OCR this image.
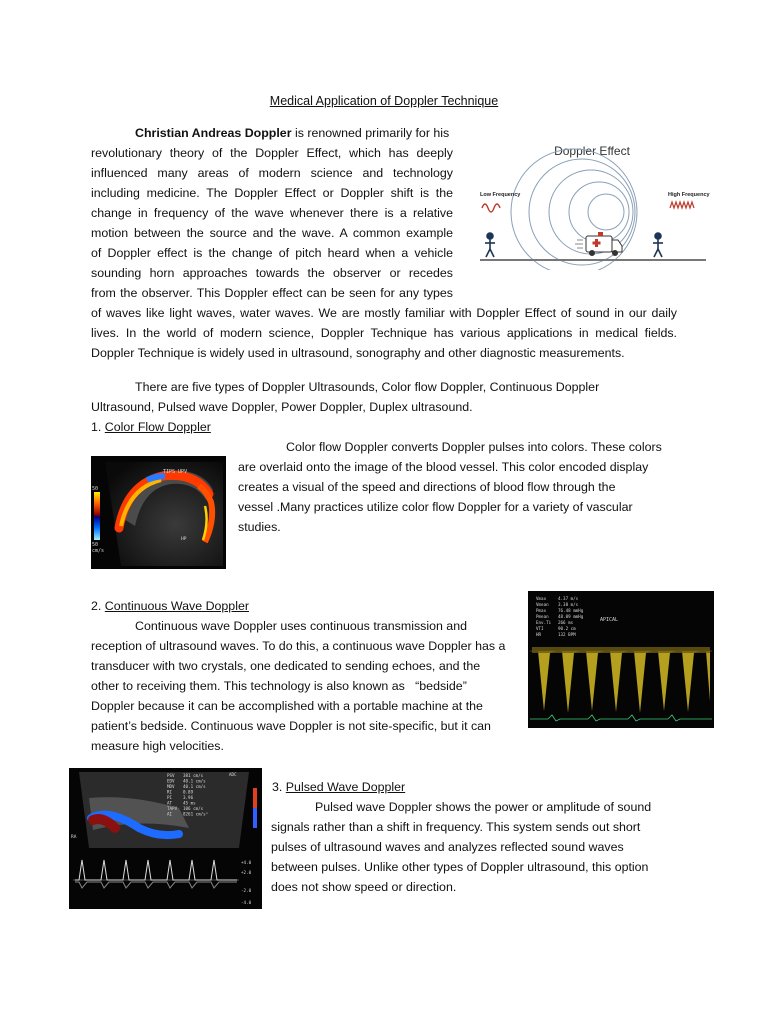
Medical Application of Doppler Technique

Christian Andreas Doppler is renowned primarily for his

revolutionary theory of the Doppler Effect, which has deeply

influenced many areas of modern science and technology

including medicine. The Doppler Effect or Doppler shift is the

change in frequency of the wave whenever there is a relative

motion between the source and the wave. A common example

of Doppler effect is the change of pitch heard when a vehicle

sounding horn approaches towards the observer or recedes

from the observer. This Doppler effect can be seen for any types

of waves like light waves, water waves. We are mostly familiar with Doppler Effect of sound in our daily

lives. In the world of modern science, Doppler Technique has various applications in medical fields.

Doppler Technique is widely used in ultrasound, sonography and other diagnostic measurements.

Doppler Effect
Low Frequency	High Frequency

There are five types of Doppler Ultrasounds, Color flow Doppler, Continuous Doppler

Ultrasound, Pulsed wave Doppler, Power Doppler, Duplex ultrasound.

1. Color Flow Doppler

50
50
cm/s
TIPS UPV
HP

Color flow Doppler converts Doppler pulses into colors. These colors

are overlaid onto the image of the blood vessel. This color encoded display

creates a visual of the speed and directions of blood flow through the

vessel .Many practices utilize color flow Doppler for a variety of vascular

studies.

2. Continuous Wave Doppler

Continuous wave Doppler uses continuous transmission and

reception of ultrasound waves. To do this, a continuous wave Doppler has a

transducer with two crystals, one dedicated to sending echoes, and the

other to receiving them. This technology is also known as   “bedside”

Doppler because it can be accomplished with a portable machine at the

patient’s bedside. Continuous wave Doppler is not site-specific, but it can

measure high velocities.

Vmax
Vmean
Pmax
Pmean
Env.Ti
VTI
HR
4.37 m/s
3.38 m/s
76.48 mmHg
48.09 mmHg
266 ms
90.2 cm
132 BPM
APICAL
PSV
EDV
MDV
RI
PI
AT
TAPV
AI
381 cm/s
40.1 cm/s
40.1 cm/s
0.89
3.96
45 ms
106 cm/s
8261 cm/s²
ADC
RA
+4.0
+2.0
-2.0
-4.0

3. Pulsed Wave Doppler

Pulsed wave Doppler shows the power or amplitude of sound

signals rather than a shift in frequency. This system sends out short

pulses of ultrasound waves and analyzes reflected sound waves

between pulses. Unlike other types of Doppler ultrasound, this option

does not show speed or direction.
